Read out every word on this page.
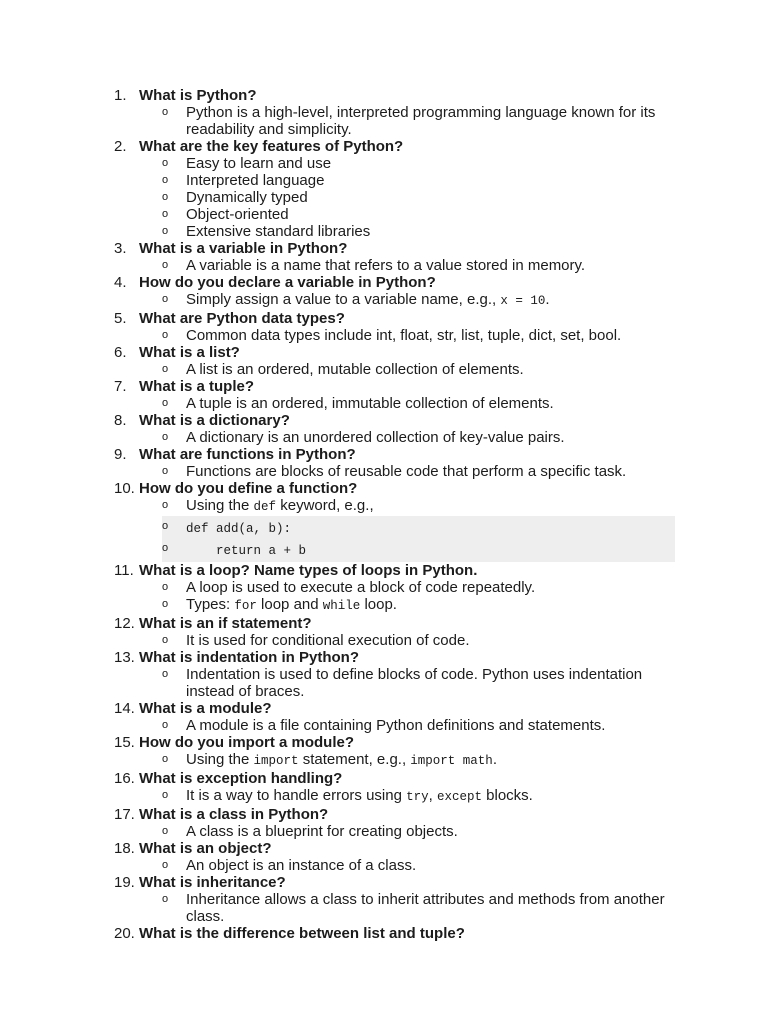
1. What is Python?
o Python is a high-level, interpreted programming language known for its readability and simplicity.
2. What are the key features of Python?
o Easy to learn and use
o Interpreted language
o Dynamically typed
o Object-oriented
o Extensive standard libraries
3. What is a variable in Python?
o A variable is a name that refers to a value stored in memory.
4. How do you declare a variable in Python?
o Simply assign a value to a variable name, e.g., x = 10.
5. What are Python data types?
o Common data types include int, float, str, list, tuple, dict, set, bool.
6. What is a list?
o A list is an ordered, mutable collection of elements.
7. What is a tuple?
o A tuple is an ordered, immutable collection of elements.
8. What is a dictionary?
o A dictionary is an unordered collection of key-value pairs.
9. What are functions in Python?
o Functions are blocks of reusable code that perform a specific task.
10. How do you define a function?
o Using the def keyword, e.g.,
o def add(a, b):
o return a + b
11. What is a loop? Name types of loops in Python.
o A loop is used to execute a block of code repeatedly.
o Types: for loop and while loop.
12. What is an if statement?
o It is used for conditional execution of code.
13. What is indentation in Python?
o Indentation is used to define blocks of code. Python uses indentation instead of braces.
14. What is a module?
o A module is a file containing Python definitions and statements.
15. How do you import a module?
o Using the import statement, e.g., import math.
16. What is exception handling?
o It is a way to handle errors using try, except blocks.
17. What is a class in Python?
o A class is a blueprint for creating objects.
18. What is an object?
o An object is an instance of a class.
19. What is inheritance?
o Inheritance allows a class to inherit attributes and methods from another class.
20. What is the difference between list and tuple?
